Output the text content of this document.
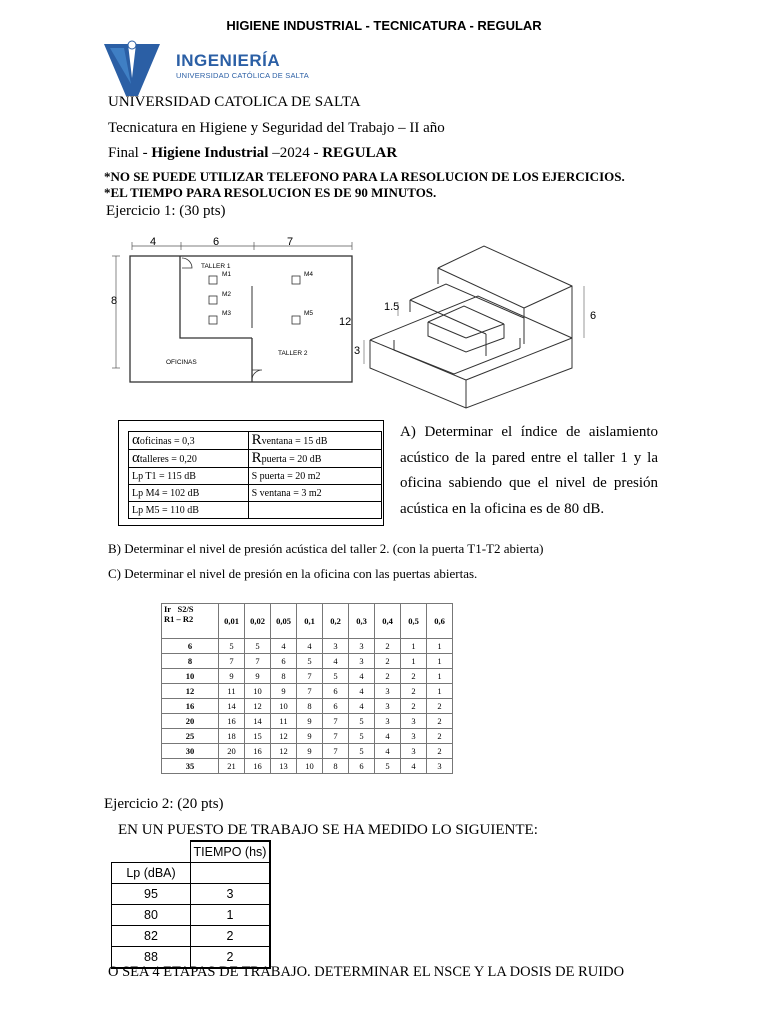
HIGIENE INDUSTRIAL - TECNICATURA - REGULAR
INGENIERÍA
UNIVERSIDAD CATÓLICA DE SALTA
UNIVERSIDAD CATOLICA DE SALTA
Tecnicatura en Higiene y Seguridad del Trabajo – II año
Final - Higiene Industrial –2024 - REGULAR
*NO SE PUEDE UTILIZAR TELEFONO PARA LA RESOLUCION DE LOS EJERCICIOS.
*EL TIEMPO PARA RESOLUCION ES DE 90 MINUTOS.
Ejercicio 1: (30 pts)
4	6	7
8
TALLER 1
M1
M2
M3
M4
M5
TALLER 2
OFICINAS
1.5
3
6
12
αoficinas = 0,3	Rventana = 15 dB
αtalleres = 0,20	Rpuerta = 20 dB
Lp T1 = 115 dB	S puerta = 20 m2
Lp M4 = 102 dB	S ventana = 3 m2
Lp M5 = 110 dB	
A) Determinar el índice de aislamiento acústico de la pared entre el taller 1 y la oficina sabiendo que el nivel de presión acústica en la oficina es de 80 dB.
B) Determinar el nivel de presión acústica del taller 2. (con la puerta T1-T2 abierta)
C) Determinar el nivel de presión en la oficina con las puertas abiertas.
Ir S2/S
R1 – R2	0,01	0,02	0,05	0,1	0,2	0,3	0,4	0,5	0,6
6	5	5	4	4	3	3	2	1	1
8	7	7	6	5	4	3	2	1	1
10	9	9	8	7	5	4	2	2	1
12	11	10	9	7	6	4	3	2	1
16	14	12	10	8	6	4	3	2	2
20	16	14	11	9	7	5	3	3	2
25	18	15	12	9	7	5	4	3	2
30	20	16	12	9	7	5	4	3	2
35	21	16	13	10	8	6	5	4	3
Ejercicio 2: (20 pts)
EN UN PUESTO DE TRABAJO SE HA MEDIDO LO SIGUIENTE:
	TIEMPO (hs)
Lp (dBA)	
95	3
80	1
82	2
88	2
O SEA 4 ETAPAS DE TRABAJO. DETERMINAR EL NSCE Y LA DOSIS DE RUIDO
